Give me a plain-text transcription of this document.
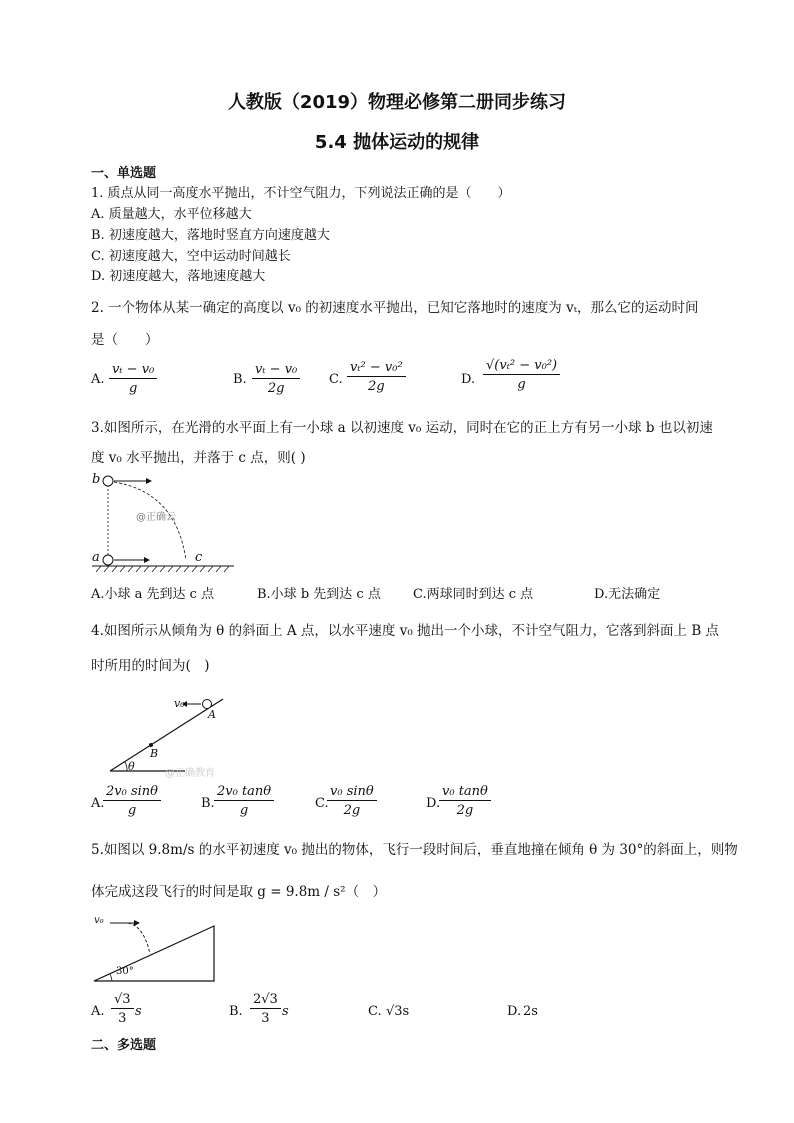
人教版（2019）物理必修第二册同步练习
5.4 抛体运动的规律
一、单选题
1. 质点从同一高度水平抛出，不计空气阻力，下列说法正确的是（　　）
A. 质量越大，水平位移越大
B. 初速度越大，落地时竖直方向速度越大
C. 初速度越大，空中运动时间越长
D. 初速度越大，落地速度越大
2. 一个物体从某一确定的高度以 v₀ 的初速度水平抛出，已知它落地时的速度为 vₜ，那么它的运动时间
是（　　）
A. $\frac{\text{vₜ − v₀}}{g}$	B. $\frac{\text{vₜ − v₀}}{2g} C$. $\frac{\text{vₜ² − v₀²}}{2g}$	D. $\frac{\text{√(vₜ² − v₀²)}}{g}$
3.如图所示，在光滑的水平面上有一小球 a 以初速度 v₀ 运动，同时在它的正上方有另一小球 b 也以初速
度 v₀ 水平抛出，并落于 c 点，则( )
b
a	c
@正确云
A.小球 a 先到达 c 点	B.小球 b 先到达 c 点 C.两球同时到达 c 点	D.无法确定
4.如图所示从倾角为 θ 的斜面上 A 点，以水平速度 v₀ 抛出一个小球，不计空气阻力，它落到斜面上 B 点
时所用的时间为(　)
v₀
A
B
θ
@正确教育
A.
$\frac{\text{2v₀ sinθ}}{g}$	B. $\frac{\text{2v₀ tanθ}}{g}$	C.
$\frac{\text{v₀ sinθ}}{2g}$	D.
$\frac{\text{v₀ tanθ}}{2g}$
5.如图以 9.8m/s 的水平初速度 v₀ 抛出的物体，飞行一段时间后，垂直地撞在倾角 θ 为 30°的斜面上，则物
体完成这段飞行的时间是取 g = 9.8m / s²（　）
v₀
30°
A. $\frac{√3}{3}$ s	B. $\frac{2√3}{3}$ s	C. √3s	D. 2s
二、多选题
